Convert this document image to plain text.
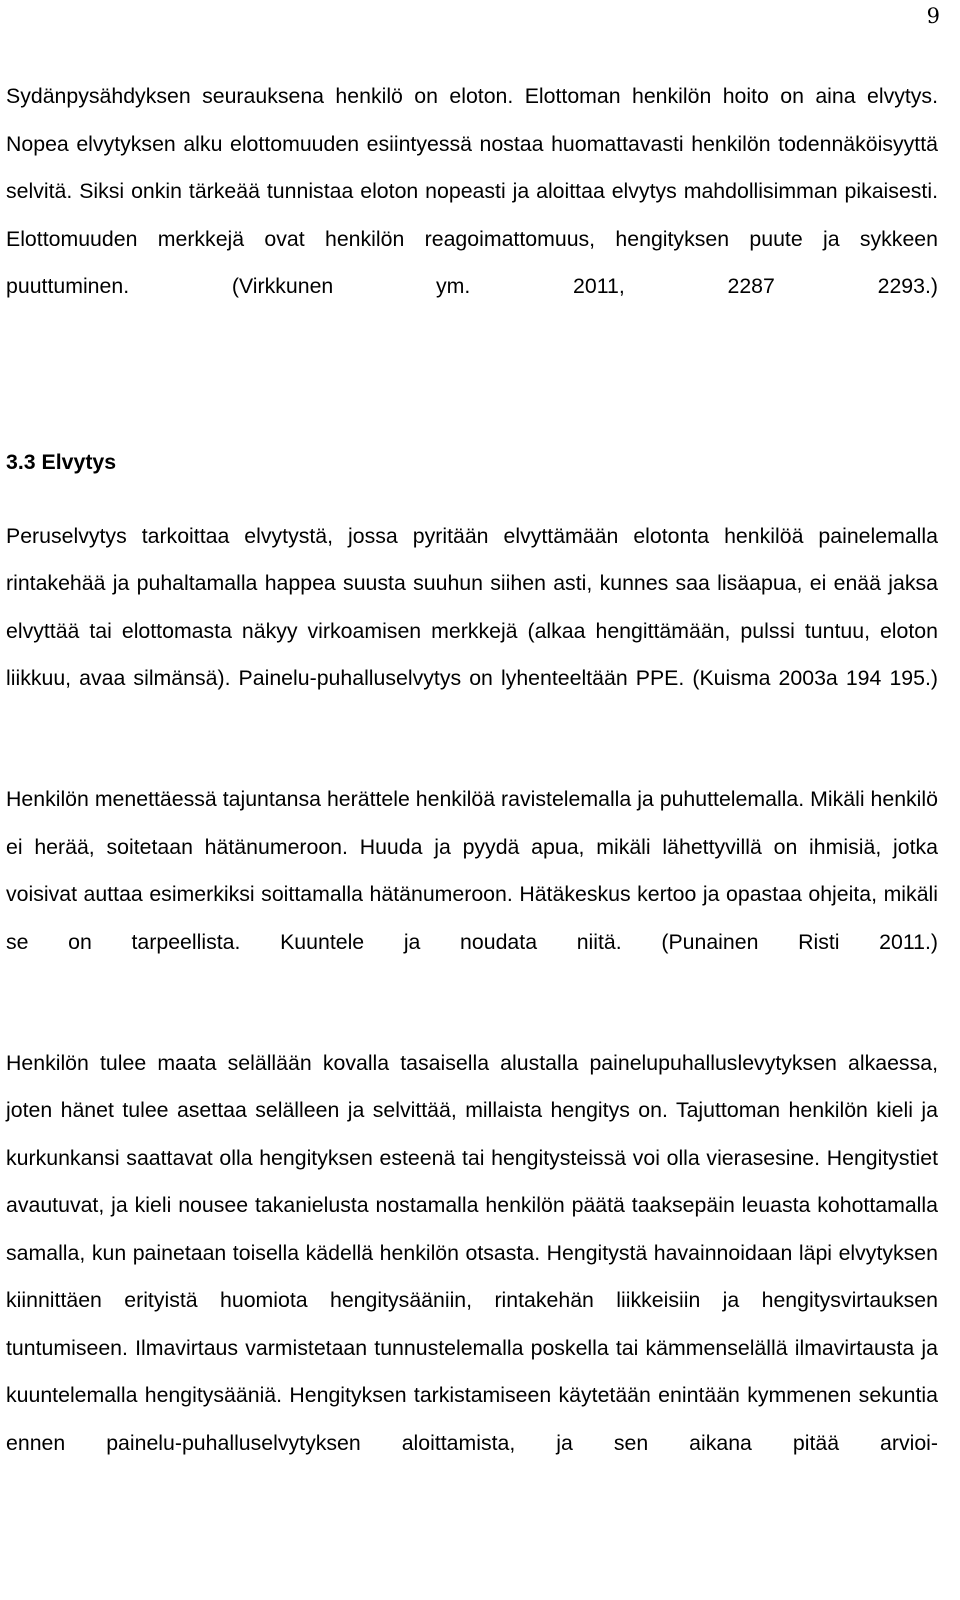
9

Sydänpysähdyksen seurauksena henkilö on eloton. Elottoman henkilön hoito on aina elvytys. Nopea elvytyksen alku elottomuuden esiintyessä nostaa huomattavasti henkilön todennäköisyyttä selvitä. Siksi onkin tärkeää tunnistaa eloton nopeasti ja aloittaa elvytys mahdollisimman pikaisesti. Elottomuuden merkkejä ovat henkilön reagoimattomuus, hengityksen puute ja sykkeen puuttuminen. (Virkkunen ym. 2011, 2287 2293.)

3.3 Elvytys

Peruselvytys tarkoittaa elvytystä, jossa pyritään elvyttämään elotonta henkilöä painelemalla rintakehää ja puhaltamalla happea suusta suuhun siihen asti, kunnes saa lisäapua, ei enää jaksa elvyttää tai elottomasta näkyy virkoamisen merkkejä (alkaa hengittämään, pulssi tuntuu, eloton liikkuu, avaa silmänsä). Painelu-puhalluselvytys on lyhenteeltään PPE. (Kuisma 2003a 194 195.)

Henkilön menettäessä tajuntansa herättele henkilöä ravistelemalla ja puhuttelemalla. Mikäli henkilö ei herää, soitetaan hätänumeroon. Huuda ja pyydä apua, mikäli lähettyvillä on ihmisiä, jotka voisivat auttaa esimerkiksi soittamalla hätänumeroon. Hätäkeskus kertoo ja opastaa ohjeita, mikäli se on tarpeellista. Kuuntele ja noudata niitä. (Punainen Risti 2011.)

Henkilön tulee maata selällään kovalla tasaisella alustalla painelupuhalluslevytyksen alkaessa, joten hänet tulee asettaa selälleen ja selvittää, millaista hengitys on. Tajuttoman henkilön kieli ja kurkunkansi saattavat olla hengityksen esteenä tai hengitysteissä voi olla vierasesine. Hengitystiet avautuvat, ja kieli nousee takanielusta nostamalla henkilön päätä taaksepäin leuasta kohottamalla samalla, kun painetaan toisella kädellä henkilön otsasta. Hengitystä havainnoidaan läpi elvytyksen kiinnittäen erityistä huomiota hengitysääniin, rintakehän liikkeisiin ja hengitysvirtauksen tuntumiseen. Ilmavirtaus varmistetaan tunnustelemalla poskella tai kämmenselällä ilmavirtausta ja kuuntelemalla hengitysääniä. Hengityksen tarkistamiseen käytetään enintään kymmenen sekuntia ennen painelu-puhalluselvytyksen aloittamista, ja sen aikana pitää arvioi-
